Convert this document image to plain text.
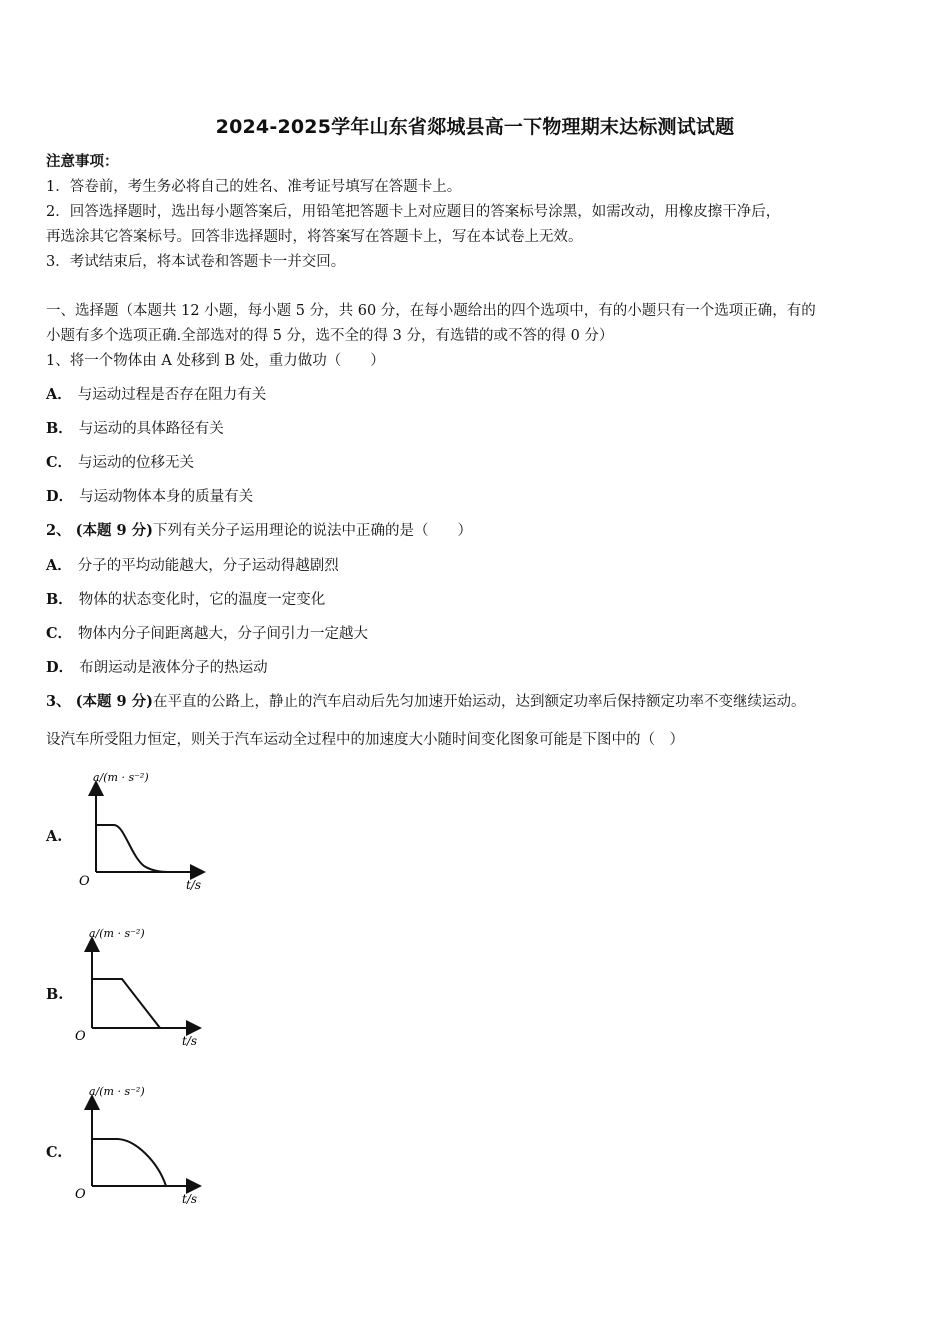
2024-2025学年山东省郯城县高一下物理期末达标测试试题
注意事项：
1．答卷前，考生务必将自己的姓名、准考证号填写在答题卡上。
2．回答选择题时，选出每小题答案后，用铅笔把答题卡上对应题目的答案标号涂黑，如需改动，用橡皮擦干净后，
再选涂其它答案标号。回答非选择题时，将答案写在答题卡上，写在本试卷上无效。
3．考试结束后，将本试卷和答题卡一并交回。
一、选择题（本题共 12 小题，每小题 5 分，共 60 分，在每小题给出的四个选项中，有的小题只有一个选项正确，有的
小题有多个选项正确.全部选对的得 5 分，选不全的得 3 分，有选错的或不答的得 0 分）
1、将一个物体由 A 处移到 B 处，重力做功（　　）
A． 与运动过程是否存在阻力有关
B． 与运动的具体路径有关
C． 与运动的位移无关
D． 与运动物体本身的质量有关
2、 (本题 9 分)下列有关分子运用理论的说法中正确的是（　　）
A． 分子的平均动能越大，分子运动得越剧烈
B． 物体的状态变化时，它的温度一定变化
C． 物体内分子间距离越大，分子间引力一定越大
D． 布朗运动是液体分子的热运动
3、 (本题 9 分)在平直的公路上，静止的汽车启动后先匀加速开始运动，达到额定功率后保持额定功率不变继续运动。
设汽车所受阻力恒定，则关于汽车运动全过程中的加速度大小随时间变化图象可能是下图中的（　）
A.
a/(m · s⁻²)
O	t/s
B.
a/(m · s⁻²)
O	t/s
C.
a/(m · s⁻²)
O	t/s
